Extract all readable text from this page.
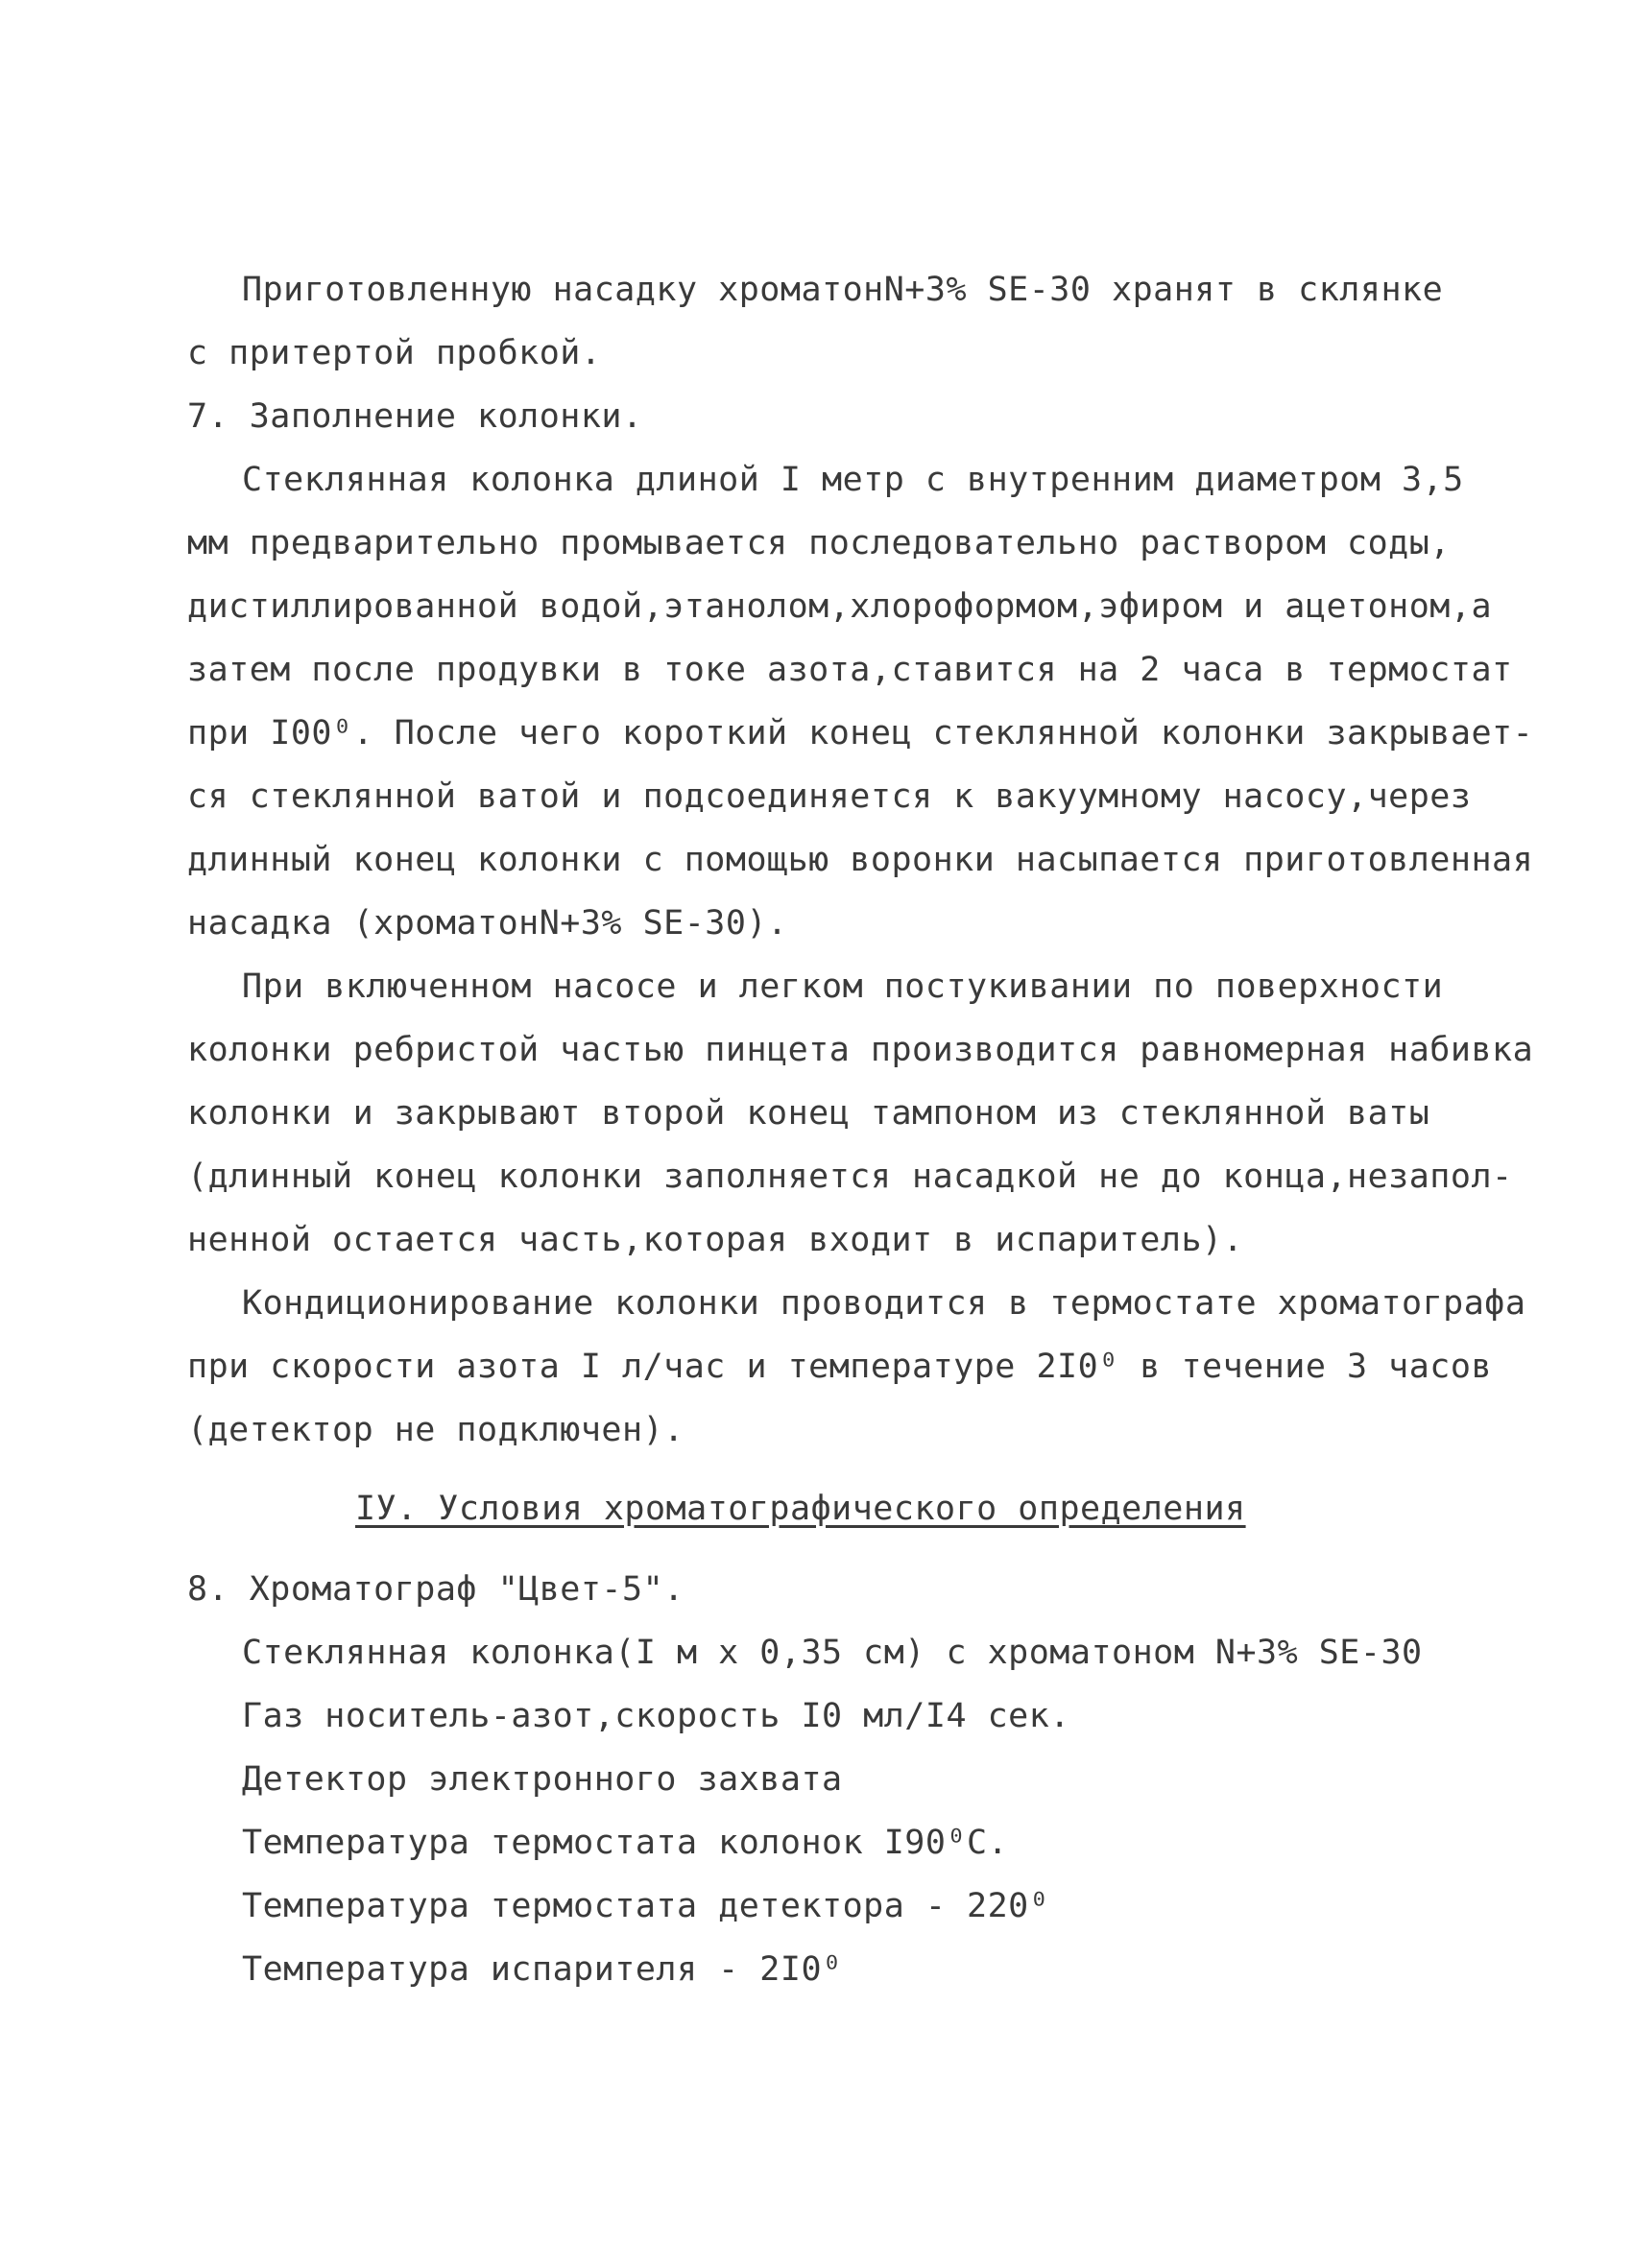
Приготовленную насадку хроматонN+3% SE-30 хранят в склянке
с притертой пробкой.
7. Заполнение колонки.
Стеклянная колонка длиной I метр с внутренним диаметром 3,5
мм предварительно промывается последовательно раствором соды,
дистиллированной водой,этанолом,хлороформом,эфиром и ацетоном,а
затем после продувки в токе азота,ставится на 2 часа в термостат
при I00⁰. После чего короткий конец стеклянной колонки закрывает-
ся стеклянной ватой и подсоединяется к вакуумному насосу,через
длинный конец колонки с помощью воронки насыпается приготовленная
насадка (хроматонN+3% SE-30).
При включенном насосе и легком постукивании по поверхности
колонки ребристой частью пинцета производится равномерная набивка
колонки и закрывают второй конец тампоном из стеклянной ваты
(длинный конец колонки заполняется насадкой не до конца,незапол-
ненной остается часть,которая входит в испаритель).
Кондиционирование колонки проводится в термостате хроматографа
при скорости азота I л/час и температуре 2I0⁰ в течение 3 часов
(детектор не подключен).
IУ. Условия хроматографического определения
8. Хроматограф "Цвет-5".
Стеклянная колонка(I м х 0,35 см) с хроматоном N+3% SE-30
Газ носитель-азот,скорость I0 мл/I4 сек.
Детектор электронного захвата
Температура термостата колонок I90⁰С.
Температура термостата детектора - 220⁰
Температура испарителя - 2I0⁰
